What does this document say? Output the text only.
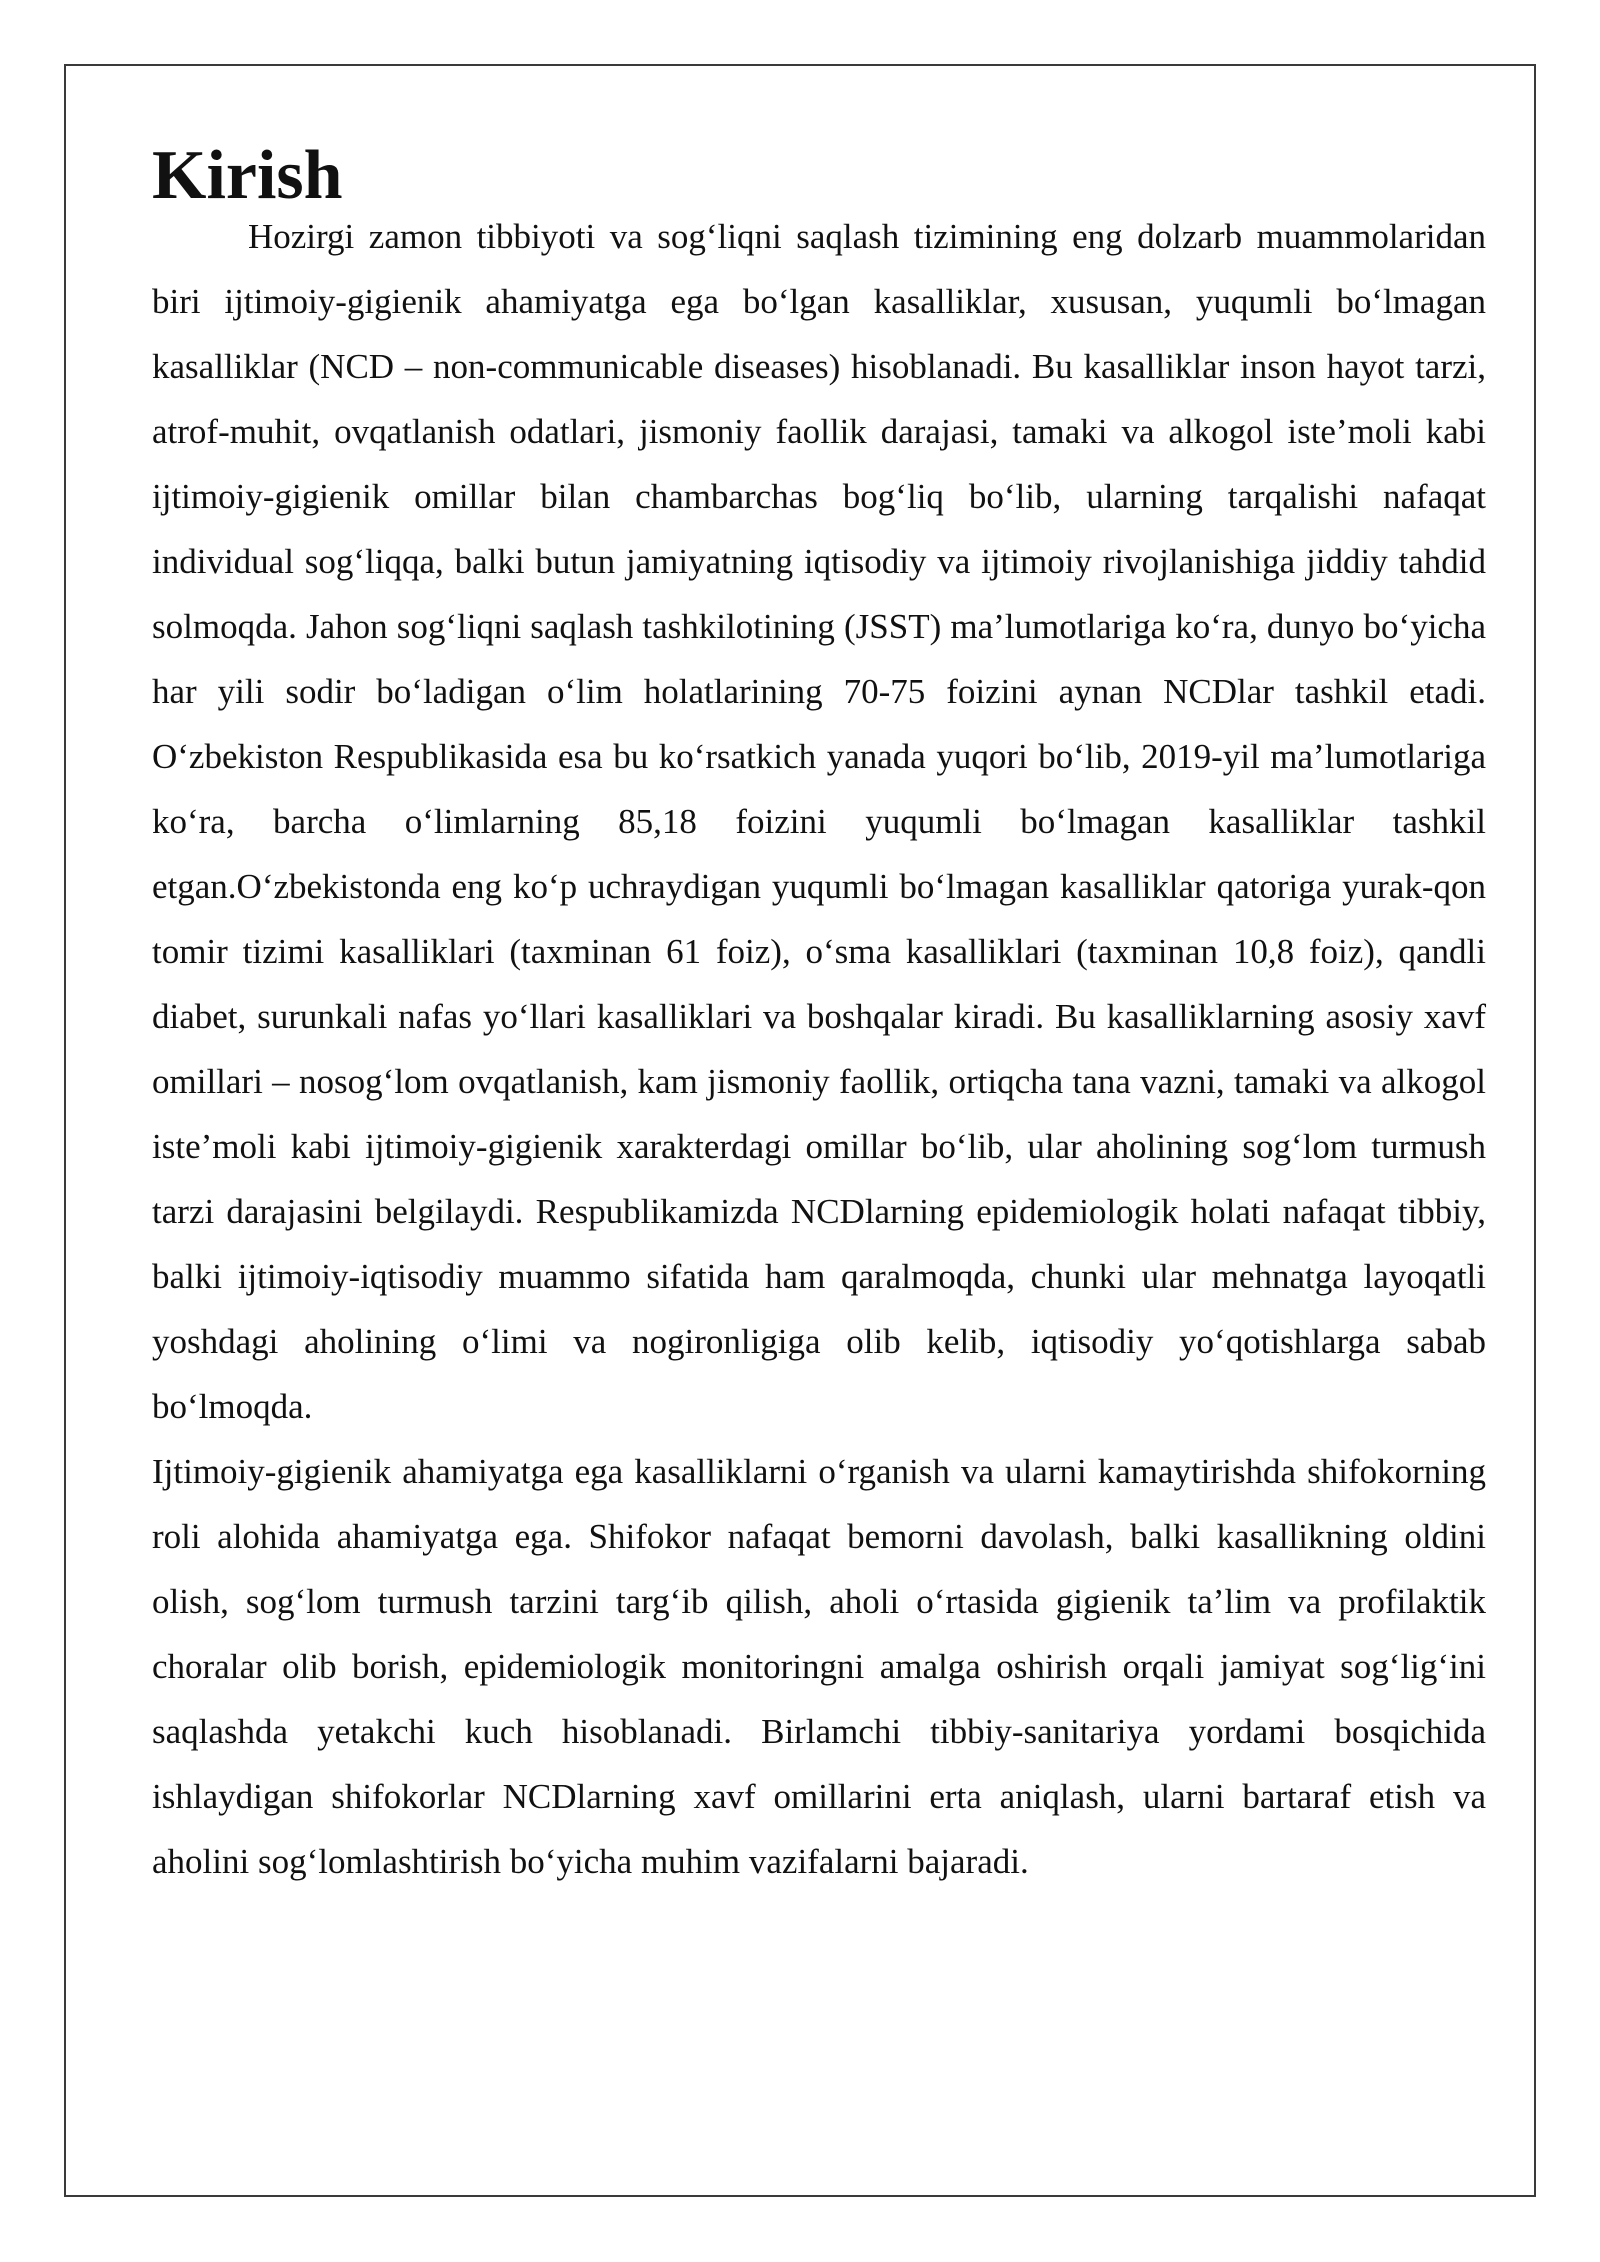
Kirish

Hozirgi zamon tibbiyoti va sog‘liqni saqlash tizimining eng dolzarb muammolaridan biri ijtimoiy-gigienik ahamiyatga ega bo‘lgan kasalliklar, xususan, yuqumli bo‘lmagan kasalliklar (NCD – non-communicable diseases) hisoblanadi. Bu kasalliklar inson hayot tarzi, atrof-muhit, ovqatlanish odatlari, jismoniy faollik darajasi, tamaki va alkogol iste’moli kabi ijtimoiy-gigienik omillar bilan chambarchas bog‘liq bo‘lib, ularning tarqalishi nafaqat individual sog‘liqqa, balki butun jamiyatning iqtisodiy va ijtimoiy rivojlanishiga jiddiy tahdid solmoqda. Jahon sog‘liqni saqlash tashkilotining (JSST) ma’lumotlariga ko‘ra, dunyo bo‘yicha har yili sodir bo‘ladigan o‘lim holatlarining 70-75 foizini aynan NCDlar tashkil etadi. O‘zbekiston Respublikasida esa bu ko‘rsatkich yanada yuqori bo‘lib, 2019-yil ma’lumotlariga ko‘ra, barcha o‘limlarning 85,18 foizini yuqumli bo‘lmagan kasalliklar tashkil etgan.O‘zbekistonda eng ko‘p uchraydigan yuqumli bo‘lmagan kasalliklar qatoriga yurak-qon tomir tizimi kasalliklari (taxminan 61 foiz), o‘sma kasalliklari (taxminan 10,8 foiz), qandli diabet, surunkali nafas yo‘llari kasalliklari va boshqalar kiradi. Bu kasalliklarning asosiy xavf omillari – nosog‘lom ovqatlanish, kam jismoniy faollik, ortiqcha tana vazni, tamaki va alkogol iste’moli kabi ijtimoiy-gigienik xarakterdagi omillar bo‘lib, ular aholining sog‘lom turmush tarzi darajasini belgilaydi. Respublikamizda NCDlarning epidemiologik holati nafaqat tibbiy, balki ijtimoiy-iqtisodiy muammo sifatida ham qaralmoqda, chunki ular mehnatga layoqatli yoshdagi aholining o‘limi va nogironligiga olib kelib, iqtisodiy yo‘qotishlarga sabab bo‘lmoqda.

Ijtimoiy-gigienik ahamiyatga ega kasalliklarni o‘rganish va ularni kamaytirishda shifokorning roli alohida ahamiyatga ega. Shifokor nafaqat bemorni davolash, balki kasallikning oldini olish, sog‘lom turmush tarzini targ‘ib qilish, aholi o‘rtasida gigienik ta’lim va profilaktik choralar olib borish, epidemiologik monitoringni amalga oshirish orqali jamiyat sog‘lig‘ini saqlashda yetakchi kuch hisoblanadi. Birlamchi tibbiy-sanitariya yordami bosqichida ishlaydigan shifokorlar NCDlarning xavf omillarini erta aniqlash, ularni bartaraf etish va aholini sog‘lomlashtirish bo‘yicha muhim vazifalarni bajaradi.
